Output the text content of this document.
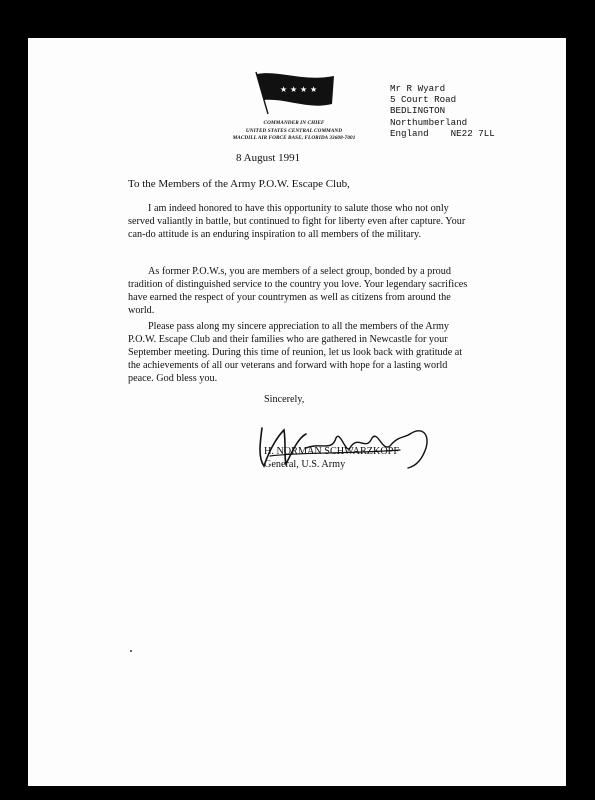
★ ★ ★ ★
COMMANDER IN CHIEF
UNITED STATES CENTRAL COMMAND
MACDILL AIR FORCE BASE, FLORIDA 33608-7001
Mr R Wyard
5 Court Road
BEDLINGTON
Northumberland
England    NE22 7LL
8 August 1991
To the Members of the Army P.O.W. Escape Club,
I am indeed honored to have this opportunity to salute those who not only served valiantly in battle, but continued to fight for liberty even after capture. Your can-do attitude is an enduring inspiration to all members of the military.
As former P.O.W.s, you are members of a select group, bonded by a proud tradition of distinguished service to the country you love. Your legendary sacrifices have earned the respect of your countrymen as well as citizens from around the world.
Please pass along my sincere appreciation to all the members of the Army P.O.W. Escape Club and their families who are gathered in Newcastle for your September meeting. During this time of reunion, let us look back with gratitude at the achievements of all our veterans and forward with hope for a lasting world peace. God bless you.
Sincerely,
H. NORMAN SCHWARZKOPF
General, U.S. Army
